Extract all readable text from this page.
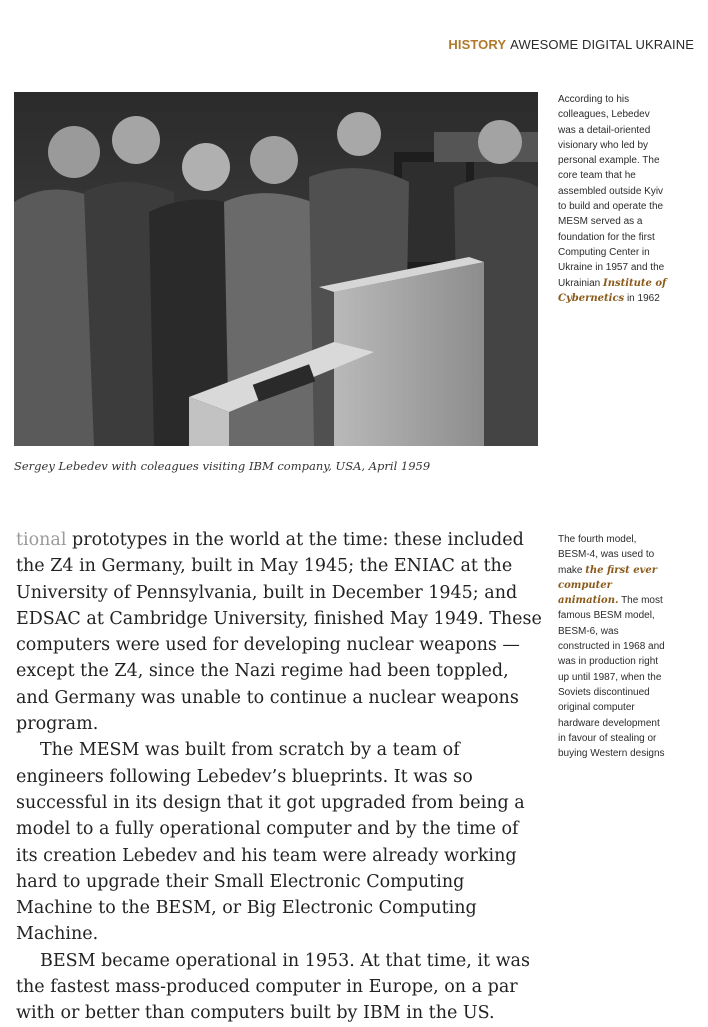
HISTORY AWESOME DIGITAL UKRAINE
Sergey Lebedev with coleagues visiting IBM company, USA, April 1959
According to his colleagues, Lebedev was a detail-oriented visionary who led by personal example. The core team that he assembled outside Kyiv to build and operate the MESM served as a foundation for the first Computing Center in Ukraine in 1957 and the Ukrainian Institute of Cybernetics in 1962
The fourth model, BESM-4, was used to make the first ever computer animation. The most famous BESM model, BESM-6, was constructed in 1968 and was in production right up until 1987, when the Soviets discontinued original computer hardware development in favour of stealing or buying Western designs

tional prototypes in the world at the time: these included the Z4 in Germany, built in May 1945; the ENIAC at the University of Pennsylvania, built in December 1945; and EDSAC at Cambridge University, finished May 1949. These computers were used for developing nuclear weapons — except the Z4, since the Nazi regime had been toppled, and Germany was unable to continue a nuclear weapons program.

The MESM was built from scratch by a team of engineers following Lebedev’s blueprints. It was so successful in its design that it got upgraded from being a model to a fully operational computer and by the time of its creation Lebedev and his team were already working hard to upgrade their Small Electronic Computing Machine to the BESM, or Big Electronic Computing Machine.

BESM became operational in 1953. At that time, it was the fastest mass-produced computer in Europe, on a par with or better than computers built by IBM in the US.
